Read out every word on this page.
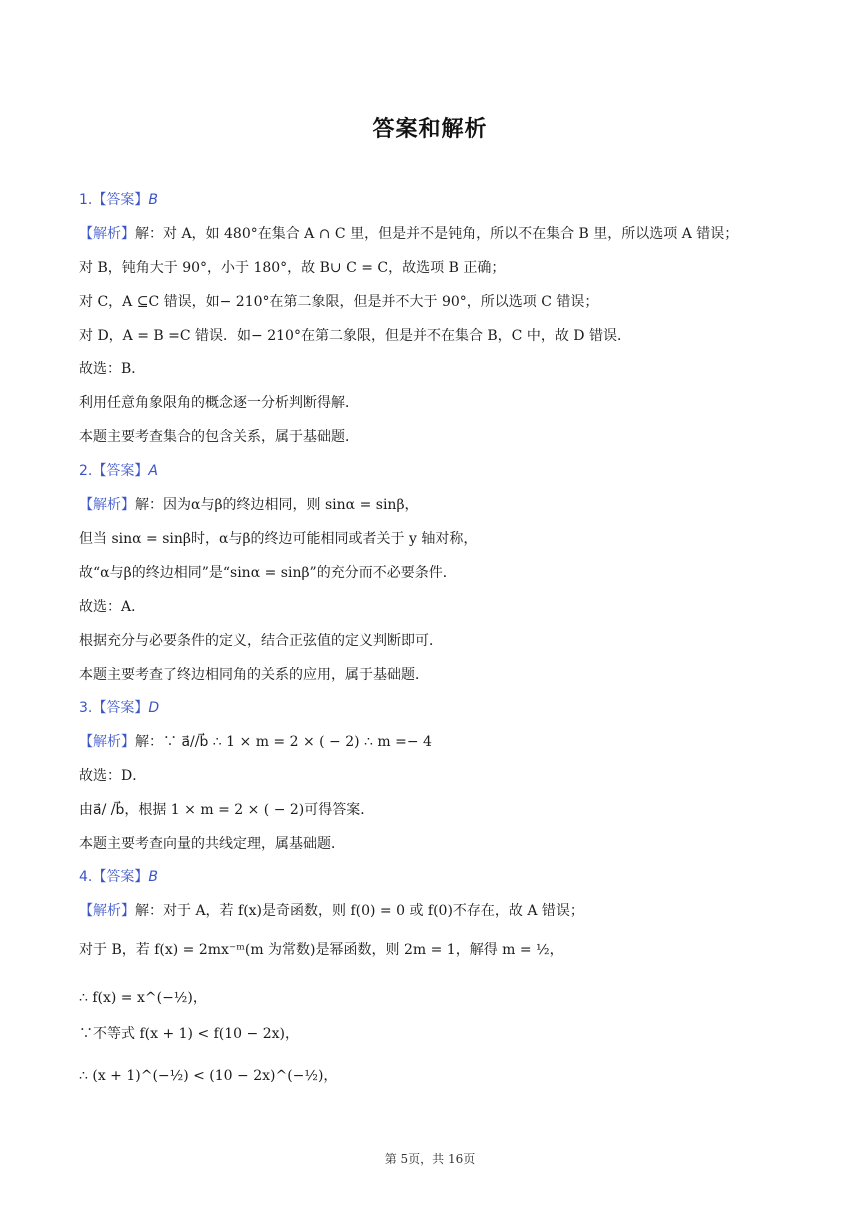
答案和解析
1.【答案】B
【解析】解：对 A，如 480°在集合 A ∩ C 里，但是并不是钝角，所以不在集合 B 里，所以选项 A 错误；
对 B，钝角大于 90°，小于 180°，故 B∪ C = C，故选项 B 正确；
对 C，A ⊆C 错误，如− 210°在第二象限，但是并不大于 90°，所以选项 C 错误；
对 D，A = B =C 错误．如− 210°在第二象限，但是并不在集合 B，C 中，故 D 错误．
故选：B．
利用任意角象限角的概念逐一分析判断得解．
本题主要考查集合的包含关系，属于基础题．
2.【答案】A
【解析】解：因为α与β的终边相同，则 sinα = sinβ，
但当 sinα = sinβ时，α与β的终边可能相同或者关于 y 轴对称，
故“α与β的终边相同”是“sinα = sinβ”的充分而不必要条件．
故选：A．
根据充分与必要条件的定义，结合正弦值的定义判断即可．
本题主要考查了终边相同角的关系的应用，属于基础题．
3.【答案】D
【解析】解：∵ a⃗//b⃗ ∴ 1 × m = 2 × ( − 2) ∴ m =− 4
故选：D．
由a⃗/ /b⃗，根据 1 × m = 2 × ( − 2)可得答案．
本题主要考查向量的共线定理，属基础题．
4.【答案】B
【解析】解：对于 A，若 f(x)是奇函数，则 f(0) = 0 或 f(0)不存在，故 A 错误；
对于 B，若 f(x) = 2mx⁻ᵐ(m 为常数)是幂函数，则 2m = 1，解得 m = ½，
∴ f(x) = x^(−½)，
∵不等式 f(x + 1) < f(10 − 2x)，
∴ (x + 1)^(−½) < (10 − 2x)^(−½)，
第 5页，共 16页
